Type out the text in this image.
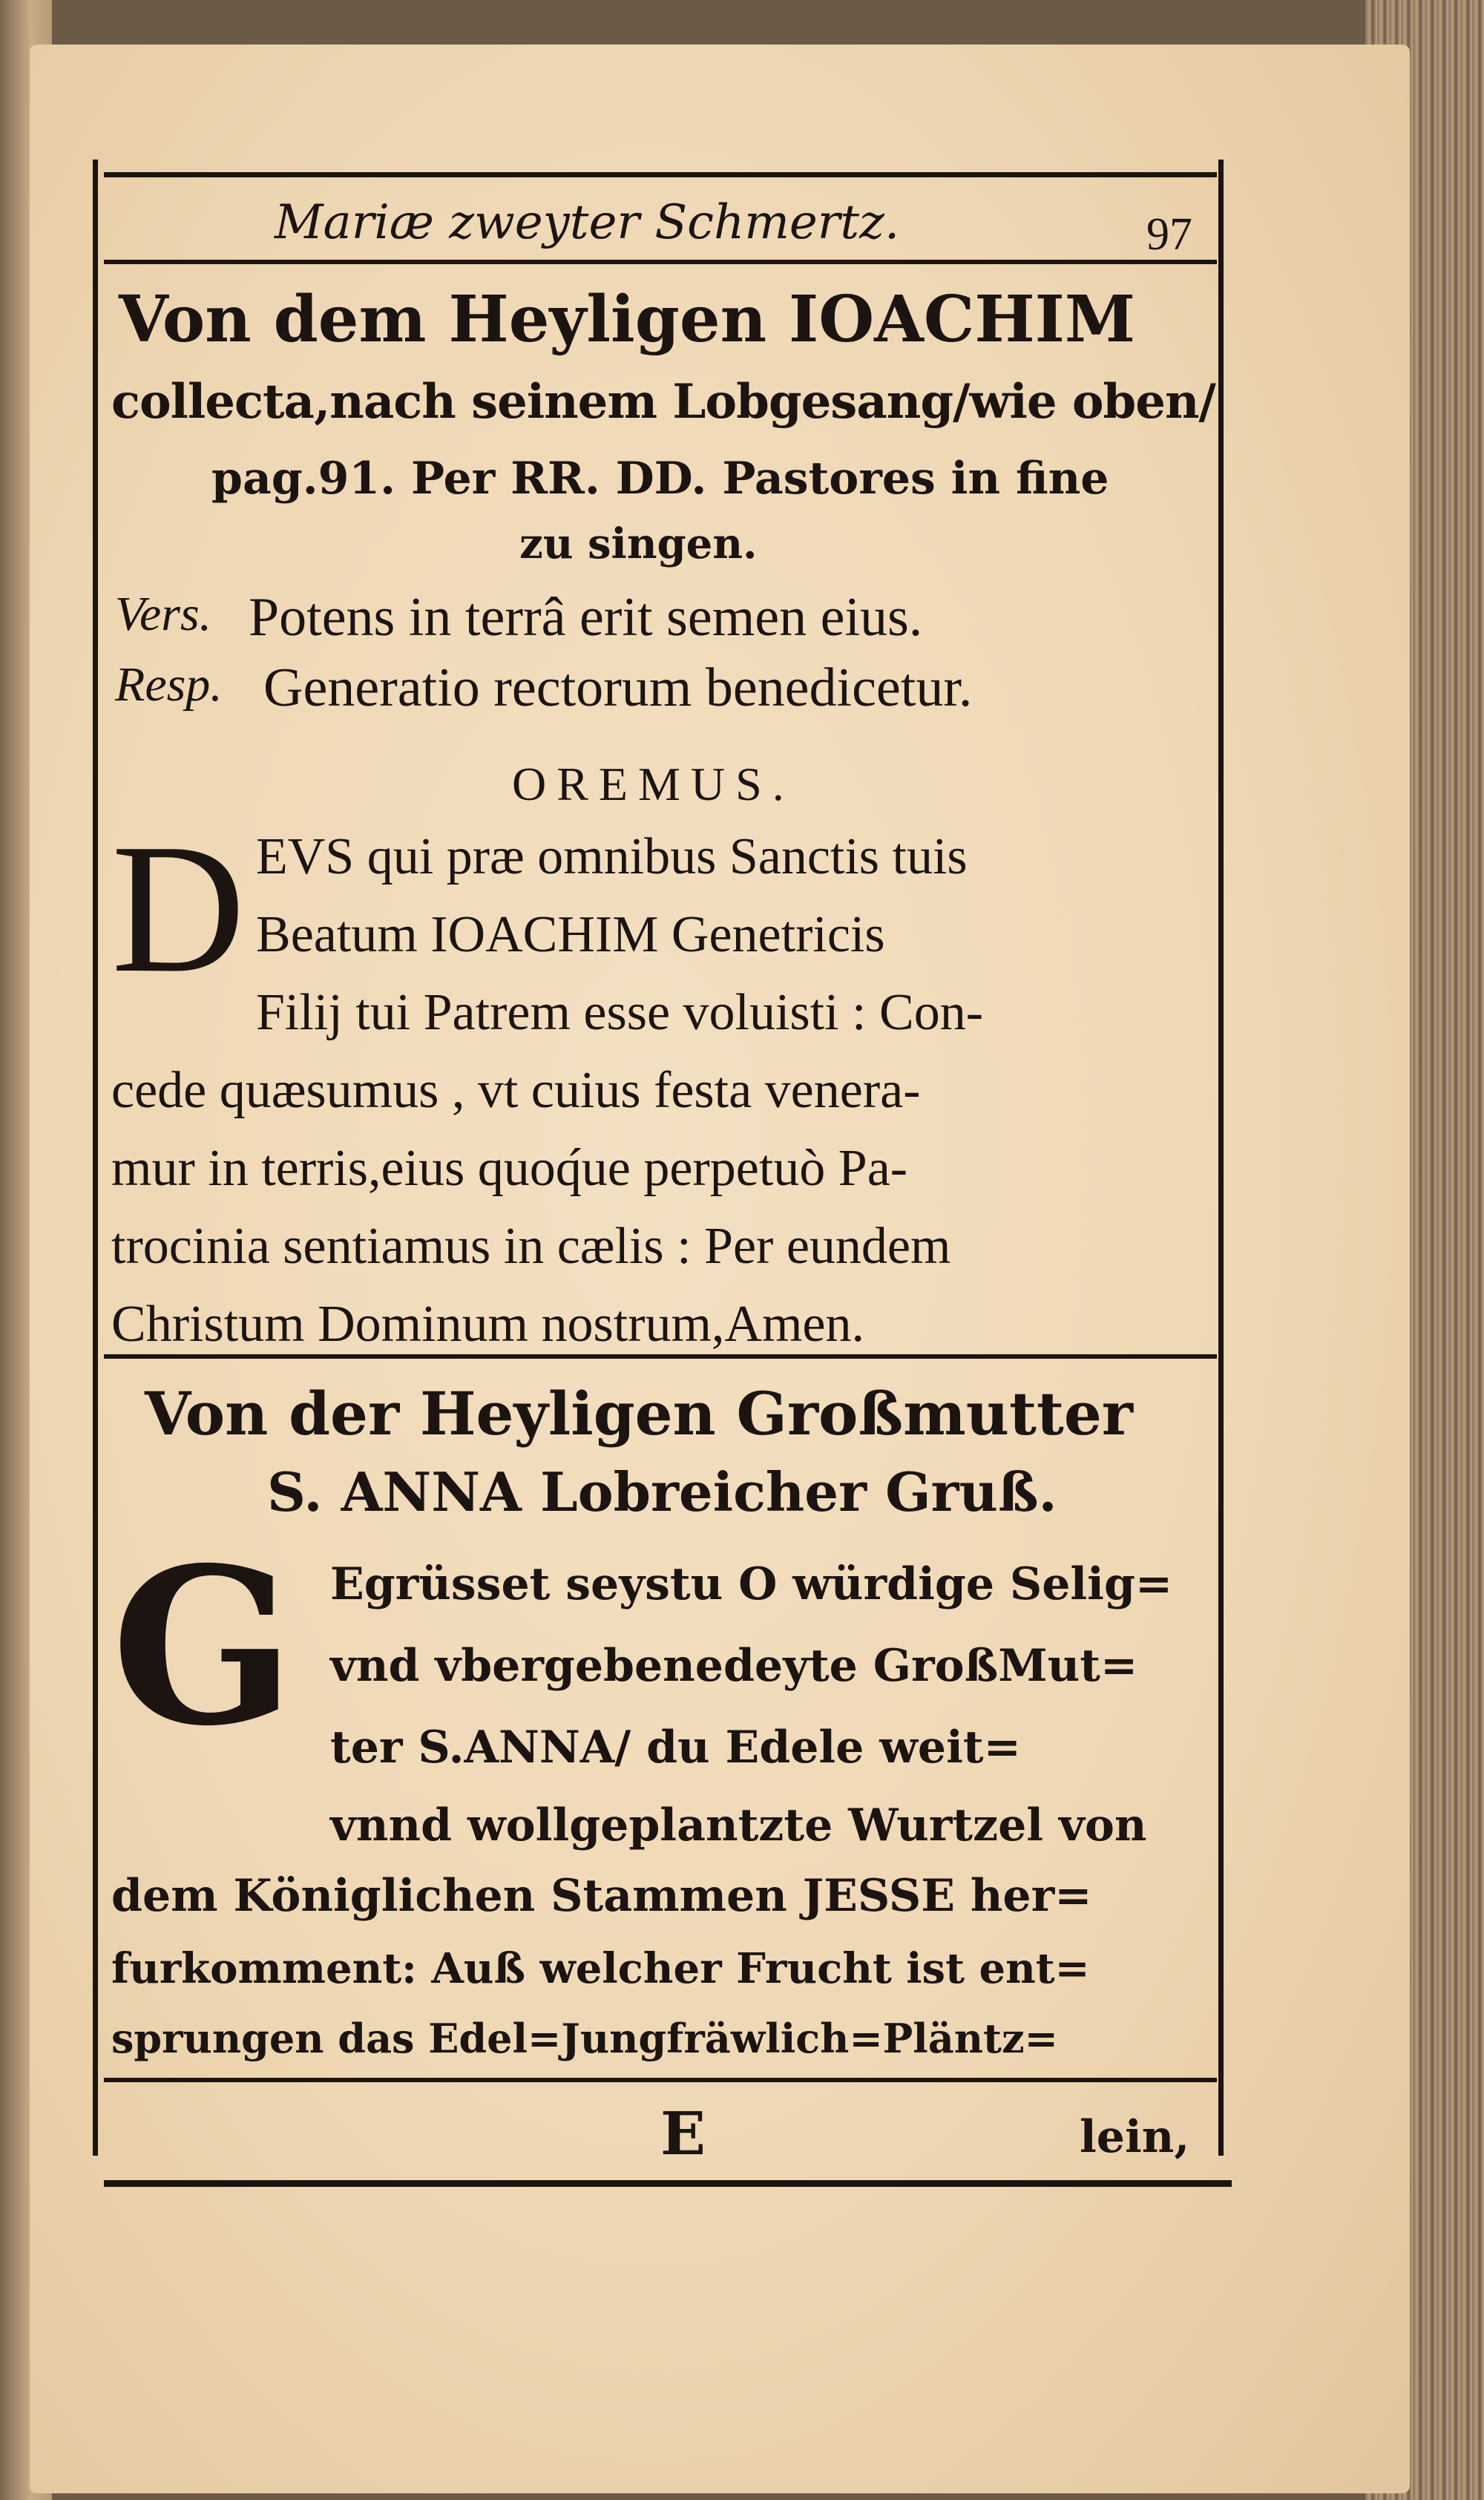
Mariæ zweyter Schmertz.	97
Von dem Heyligen IOACHIM
collecta,nach seinem Lobgesang/wie oben/
pag.91. Per RR. DD. Pastores in fine
zu singen.
Vers. Potens in terrâ erit semen eius.
Resp. Generatio rectorum benedicetur.
OREMUS.
D EVS qui præ omnibus Sanctis tuis
Beatum IOACHIM Genetricis
Filij tui Patrem esse voluisti : Con-
cede quæsumus , vt cuius festa venera-
mur in terris,eius quoq́ue perpetuò Pa-
trocinia sentiamus in cælis : Per eundem
Christum Dominum nostrum,Amen.
Von der Heyligen Großmutter
S. ANNA Lobreicher Gruß.
G Egrüsset seystu O würdige Selig=
vnd vbergebenedeyte GroßMut=
ter S.ANNA/ du Edele weit=
vnnd wollgeplantzte Wurtzel von
dem Königlichen Stammen JESSE her=
furkomment: Auß welcher Frucht ist ent=
sprungen das Edel=Jungfräwlich=Pläntz=
E	lein,
